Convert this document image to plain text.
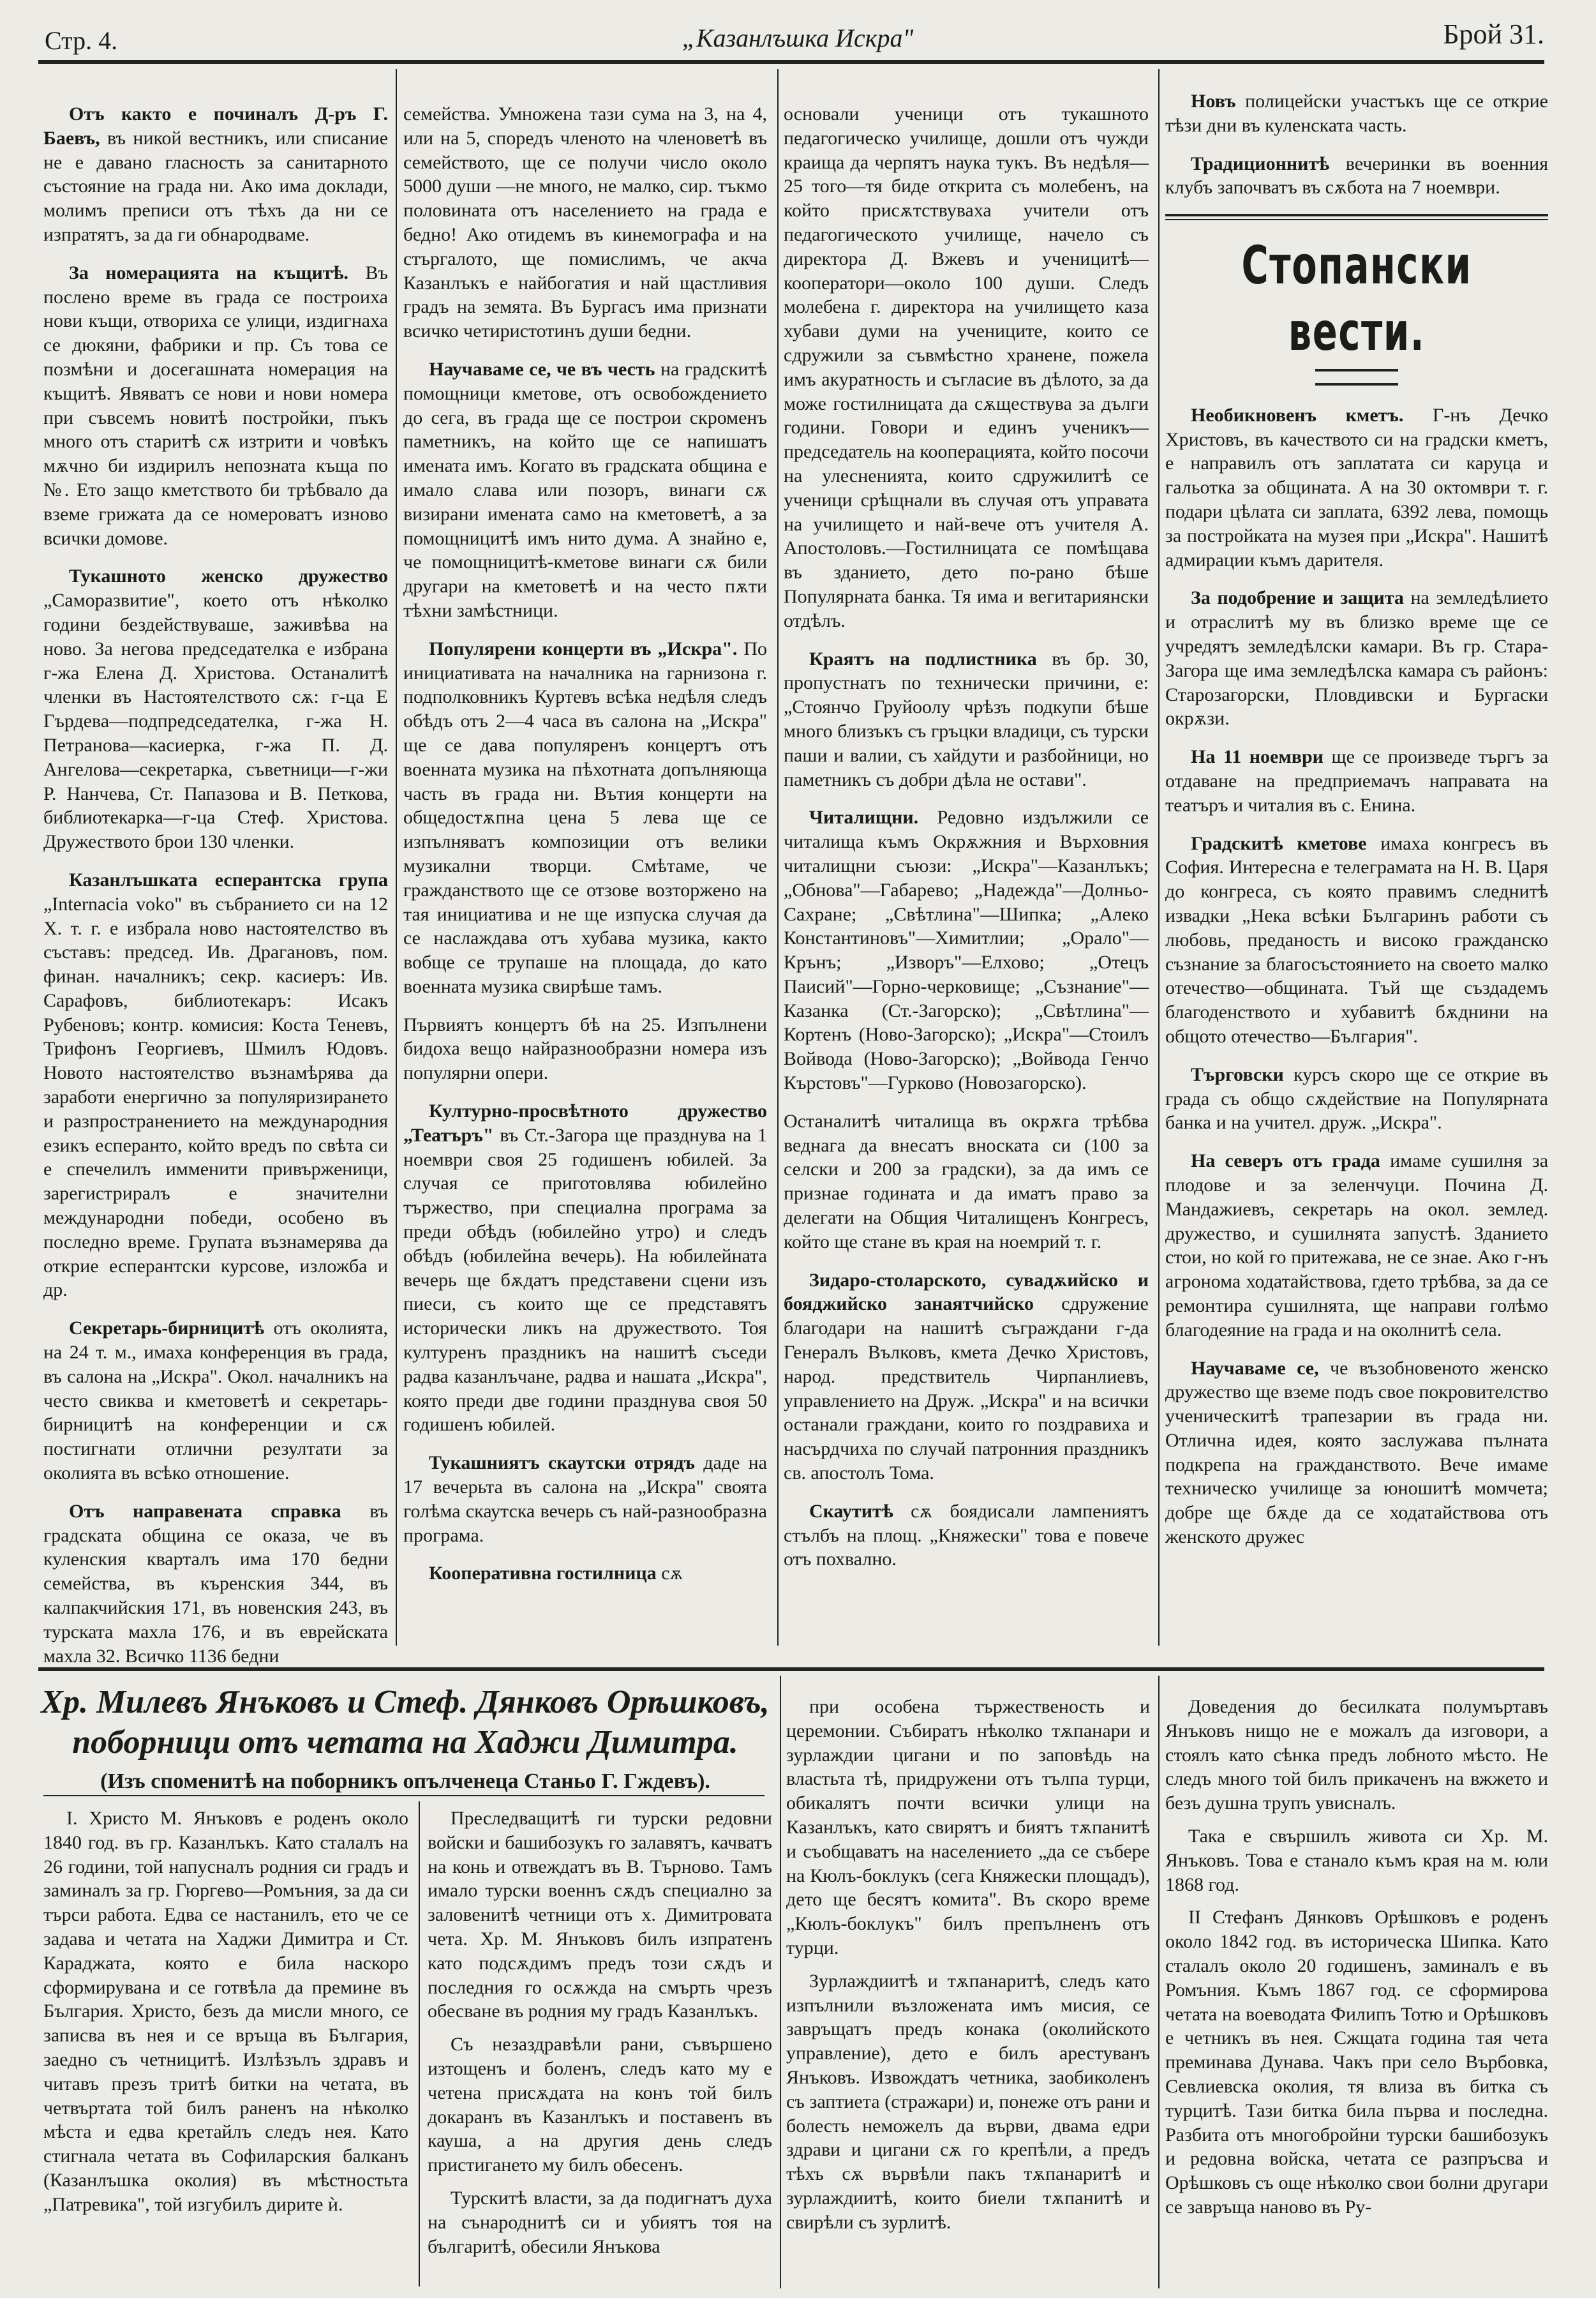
Стр. 4.	„Казанлъшка Искра"	Брой 31.
Отъ както е починалъ Д-ръ Г. Баевъ, въ никой вестникъ, или списание не е давано гласность за санитарното състояние на града ни. Ако има доклади, молимъ преписи отъ тѣхъ да ни се изпратятъ, за да ги обнародваме.
За номерацията на къщитѣ. Въ послено време въ града се построиха нови къщи, отвориха се улици, издигнаха се дюкяни, фабрики и пр. Съ това се позмѣни и досегашната номерация на къщитѣ. Явяватъ се нови и нови номера при съвсемъ новитѣ постройки, пъкъ много отъ старитѣ сѫ изтрити и човѣкъ мѫчно би издирилъ непозната къща по №. Ето защо кметството би трѣбвало да вземе грижата да се номероватъ изново всички домове.
Тукашното женско дружество „Саморазвитие", което отъ нѣколко години бездействуваше, заживѣва на ново. За негова председателка е избрана г-жа Елена Д. Христова. Останалитѣ членки въ Настоятелството сѫ: г-ца Е Гърдева—подпредседателка, г-жа Н. Петранова—касиерка, г-жа П. Д. Ангелова—секретарка, съветници—г-жи Р. Нанчева, Ст. Папазова и В. Петкова, библиотекарка—г-ца Стеф. Христова. Дружеството брои 130 членки.
Казанлъшката есперантска група „Internacia voko" въ събранието си на 12 Х. т. г. е избрала ново настоятелство въ съставъ: председ. Ив. Драгановъ, пом. финан. началникъ; секр. касиеръ: Ив. Сарафовъ, библиотекаръ: Исакъ Рубеновъ; контр. комисия: Коста Теневъ, Трифонъ Георгиевъ, Шмилъ Юдовъ. Новото настоятелство възнамѣрява да заработи енергично за популяризирането и разпространението на международния езикъ есперанто, който вредъ по свѣта си е спечелилъ имменити привърженици, зарегистриралъ е значителни международни победи, особено въ последно време. Групата възнамерява да открие есперантски курсове, изложба и др.
Секретарь-бирницитѣ отъ околията, на 24 т. м., имаха конференция въ града, въ салона на „Искра". Окол. началникъ на често свиква и кметоветѣ и секретарь-бирницитѣ на конференции и сѫ постигнати отлични резултати за околията въ всѣко отношение.
Отъ направената справка въ градската община се оказа, че въ куленския кварталъ има 170 бедни семейства, въ къренския 344, въ калпакчийския 171, въ новенския 243, въ турската махла 176, и въ еврейската махла 32. Всичко 1136 бедни
семейства. Умножена тази сума на 3, на 4, или на 5, споредъ членото на членоветѣ въ семейството, ще се получи число около 5000 души —не много, не малко, сир. тъкмо половината отъ населението на града е бедно! Ако отидемъ въ кинемографа и на стъргалото, ще помислимъ, че акча Казанлъкъ е найбогатия и най щастливия градъ на земята. Въ Бургасъ има признати всичко четиристотинъ души бедни.
Научаваме се, че въ честь на градскитѣ помощници кметове, отъ освобождението до сега, въ града ще се построи скроменъ паметникъ, на който ще се напишатъ имената имъ. Когато въ градската община е имало слава или позоръ, винаги сѫ визирани имената само на кметоветѣ, а за помощницитѣ имъ нито дума. А знайно е, че помощницитѣ-кметове винаги сѫ били другари на кметоветѣ и на често пѫти тѣхни замѣстници.
Популярени концерти въ „Искра". По инициативата на началника на гарнизона г. подполковникъ Куртевъ всѣка недѣля следъ обѣдъ отъ 2—4 часа въ салона на „Искра" ще се дава популяренъ концертъ отъ военната музика на пѣхотната допълняюща часть въ града ни. Вътия концерти на общедостѫпна цена 5 лева ще се изпълняватъ композиции отъ велики музикални творци. Смѣтаме, че гражданството ще се отзове возторжено на тая инициатива и не ще изпуска случая да се наслаждава отъ хубава музика, както вобще се трупаше на площада, до като военната музика свирѣше тамъ.
Първиятъ концертъ бѣ на 25. Изпълнени бидоха вещо найразнообразни номера изъ популярни опери.
Културно-просвѣтното дружество „Театъръ" въ Ст.-Загора ще празднува на 1 ноември своя 25 годишенъ юбилей. За случая се приготовлява юбилейно тържество, при специална програма за преди обѣдъ (юбилейно утро) и следъ обѣдъ (юбилейна вечерь). На юбилейната вечерь ще бѫдатъ представени сцени изъ пиеси, съ които ще се представятъ исторически ликъ на дружеството. Тоя културенъ праздникъ на нашитѣ съседи радва казанлъчане, радва и нашата „Искра", която преди две години празднува своя 50 годишенъ юбилей.
Тукашниятъ скаутски отрядъ даде на 17 вечерьта въ салона на „Искра" своята голѣма скаутска вечерь съ най-разнообразна програма.
Кооперативна гостилница сѫ
основали ученици отъ тукашното педагогическо училище, дошли отъ чужди краища да черпятъ наука тукъ. Въ недѣля—25 того—тя биде открита съ молебенъ, на който присѫтствуваха учители отъ педагогическото училище, начело съ директора Д. Вжевъ и ученицитѣ—кооператори—около 100 души. Следъ молебена г. директора на училището каза хубави думи на учениците, които се сдружили за съвмѣстно хранене, пожела имъ акуратность и съгласие въ дѣлото, за да може гостилницата да сѫществува за дълги години. Говори и единъ ученикъ—председатель на кооперацията, който посочи на улесненията, които сдружилитѣ се ученици срѣщнали въ случая отъ управата на училището и най-вече отъ учителя А. Апостоловъ.—Гостилницата се помѣщава въ зданието, дето по-рано бѣше Популярната банка. Тя има и вегитариянски отдѣлъ.
Краятъ на подлистника въ бр. 30, пропустнатъ по технически причини, е: „Стоянчо Груйоолу чрѣзъ подкупи бѣше много близъкъ съ гръцки владици, съ турски паши и валии, съ хайдути и разбойници, но паметникъ съ добри дѣла не остави".
Читалищни. Редовно издължили се читалища къмъ Окрѫжния и Върховния читалищни съюзи: „Искра"—Казанлъкъ; „Обнова"—Габарево; „Надежда"—Долньо-Сахране; „Свѣтлина"—Шипка; „Алеко Константиновъ"—Химитлии; „Орало"—Крънъ; „Изворъ"—Елхово; „Отецъ Паисий"—Горно-черковище; „Съзнание"—Казанка (Ст.-Загорско); „Свѣтлина"—Кортенъ (Ново-Загорско); „Искра"—Стоилъ Войвода (Ново-Загорско); „Войвода Генчо Кърстовъ"—Гурково (Новозагорско).
Останалитѣ читалища въ окрѫга трѣбва веднага да внесатъ вноската си (100 за селски и 200 за градски), за да имъ се признае годината и да иматъ право за делегати на Общия Читалищенъ Конгресъ, който ще стане въ края на ноемрий т. г.
Зидаро-столарското, сувадѫийско и бояджийско занаятчийско сдружение благодари на нашитѣ съграждани г-да Генералъ Вълковъ, кмета Дечко Христовъ, народ. предствитель Чирпанлиевъ, управлението на Друж. „Искра" и на всички останали граждани, които го поздравиха и насърдчиха по случай патронния праздникъ св. апостолъ Тома.
Скаутитѣ сѫ боядисали лампениятъ стълбъ на площ. „Княжески" това е повече отъ похвално.
Новъ полицейски участъкъ ще се открие тѣзи дни въ куленската часть.
Традиционнитѣ вечеринки въ военния клубъ започватъ въ сѫбота на 7 ноември.
Стопански вести.
Необикновенъ кметъ. Г-нъ Дечко Христовъ, въ качеството си на градски кметъ, е направилъ отъ заплатата си каруца и гальотка за общината. А на 30 октомври т. г. подари цѣлата си заплата, 6392 лева, помощь за постройката на музея при „Искра". Нашитѣ адмирации къмъ дарителя.
За подобрение и защита на земледѣлието и отраслитѣ му въ близко време ще се учредятъ земледѣлски камари. Въ гр. Стара-Загора ще има земледѣлска камара съ районъ: Старозагорски, Пловдивски и Бургаски окрѫзи.
На 11 ноември ще се произведе търгъ за отдаване на предприемачъ направата на театъръ и читалия въ с. Енина.
Градскитѣ кметове имаха конгресъ въ София. Интересна е телеграмата на Н. В. Царя до конгреса, съ която правимъ следнитѣ извадки „Нека всѣки Българинъ работи съ любовь, преданость и високо гражданско съзнание за благосъстоянието на своето малко отечество—общината. Тъй ще създадемъ благоденството и хубавитѣ бѫднини на общото отечество—България".
Търговски курсъ скоро ще се открие въ града съ общо сѫдействие на Популярната банка и на учител. друж. „Искра".
На северъ отъ града имаме сушилня за плодове и за зеленчуци. Почина Д. Мандажиевъ, секретарь на окол. землед. дружество, и сушилнята запустѣ. Зданието стои, но кой го притежава, не се знае. Ако г-нъ агронома ходатайствова, гдето трѣбва, за да се ремонтира сушилнята, ще направи голѣмо благодеяние на града и на околнитѣ села.
Научаваме се, че възобновеното женско дружество ще вземе подъ свое покровителство ученическитѣ трапезарии въ града ни. Отлична идея, която заслужава пълната подкрепа на гражданството. Вече имаме техническо училище за юношитѣ момчета; добре ще бѫде да се ходатайствова отъ женското дружес
Хр. Милевъ Янъковъ и Стеф. Дянковъ Орѣшковъ, поборници отъ четата на Хаджи Димитра.
(Изъ споменитѣ на поборникъ опълченеца Станьо Г. Гждевъ).

I. Христо М. Янъковъ е роденъ около 1840 год. въ гр. Казанлъкъ. Като сталалъ на 26 години, той напусналъ родния си градъ и заминалъ за гр. Гюргево—Ромъния, за да си търси работа. Едва се настанилъ, ето че се задава и четата на Хаджи Димитра и Ст. Караджата, която е била наскоро сформирувана и се готвѣла да премине въ България. Христо, безъ да мисли много, се записва въ нея и се връща въ България, заедно съ четницитѣ. Излѣзълъ здравъ и читавъ презъ тритѣ битки на четата, въ четвъртата той билъ раненъ на нѣколко мѣста и едва кретайлъ следъ нея. Като стигнала четата въ Софиларския балканъ (Казанлъшка околия) въ мѣстностьта „Патревика", той изгубилъ дирите ѝ.

Преследващитѣ ги турски редовни войски и башибозукъ го залавятъ, качватъ на конь и отвеждатъ въ В. Търново. Тамъ имало турски военнъ сѫдъ специално за заловенитѣ четници отъ х. Димитровата чета. Хр. М. Янъковъ билъ изпратенъ като подсѫдимъ предъ този сѫдъ и последния го осѫжда на смърть чрезъ обесване въ родния му градъ Казанлъкъ.

Съ незаздравѣли рани, съвършено изтощенъ и боленъ, следъ като му е четена присѫдата на конъ той билъ докаранъ въ Казанлъкъ и поставенъ въ кауша, а на другия день следъ пристигането му билъ обесенъ.

Турскитѣ власти, за да подигнатъ духа на сънароднитѣ си и убиятъ тоя на българитѣ, обесили Янъкова

при особена тържественость и церемонии. Събиратъ нѣколко тѫпанари и зурлаждии цигани и по заповѣдь на властьта тѣ, придружени отъ тълпа турци, обикалятъ почти всички улици на Казанлъкъ, като свирятъ и биятъ тѫпанитѣ и съобщаватъ на населението „да се събере на Кюлъ-боклукъ (сега Княжески площадъ), дето ще бесятъ комита". Въ скоро време „Кюлъ-боклукъ" билъ препълненъ отъ турци.

Зурлаждиитѣ и тѫпанаритѣ, следъ като изпълнили възложената имъ мисия, се завръщатъ предъ конака (околийското управление), дето е билъ арестуванъ Янъковъ. Извождатъ четника, заобиколенъ съ заптиета (стражари) и, понеже отъ рани и болесть неможелъ да върви, двама едри здрави и цигани сѫ го крепѣли, а предъ тѣхъ сѫ вървѣли пакъ тѫпанаритѣ и зурлаждиитѣ, които биели тѫпанитѣ и свирѣли съ зурлитѣ.

Доведения до бесилката полумъртавъ Янъковъ нищо не е можалъ да изговори, а стоялъ като сѣнка предъ лобното мѣсто. Не следъ много той билъ прикаченъ на вжжето и безъ душна трупъ увисналъ.

Така е свършилъ живота си Хр. М. Янъковъ. Това е станало къмъ края на м. юли 1868 год.

II Стефанъ Дянковъ Орѣшковъ е роденъ около 1842 год. въ историческа Шипка. Като сталалъ около 20 годишенъ, заминалъ е въ Ромъния. Къмъ 1867 год. се сформирова четата на воеводата Филипъ Тотю и Орѣшковъ е четникъ въ нея. Сжщата година тая чета преминава Дунава. Чакъ при село Върбовка, Севлиевска околия, тя влизa въ битка съ турцитѣ. Тази битка била първа и последна. Разбита отъ многобройни турски башибозукъ и редовна войска, четата се разпръсва и Орѣшковъ съ още нѣколко свои болни другари се завръща наново въ Ру-
